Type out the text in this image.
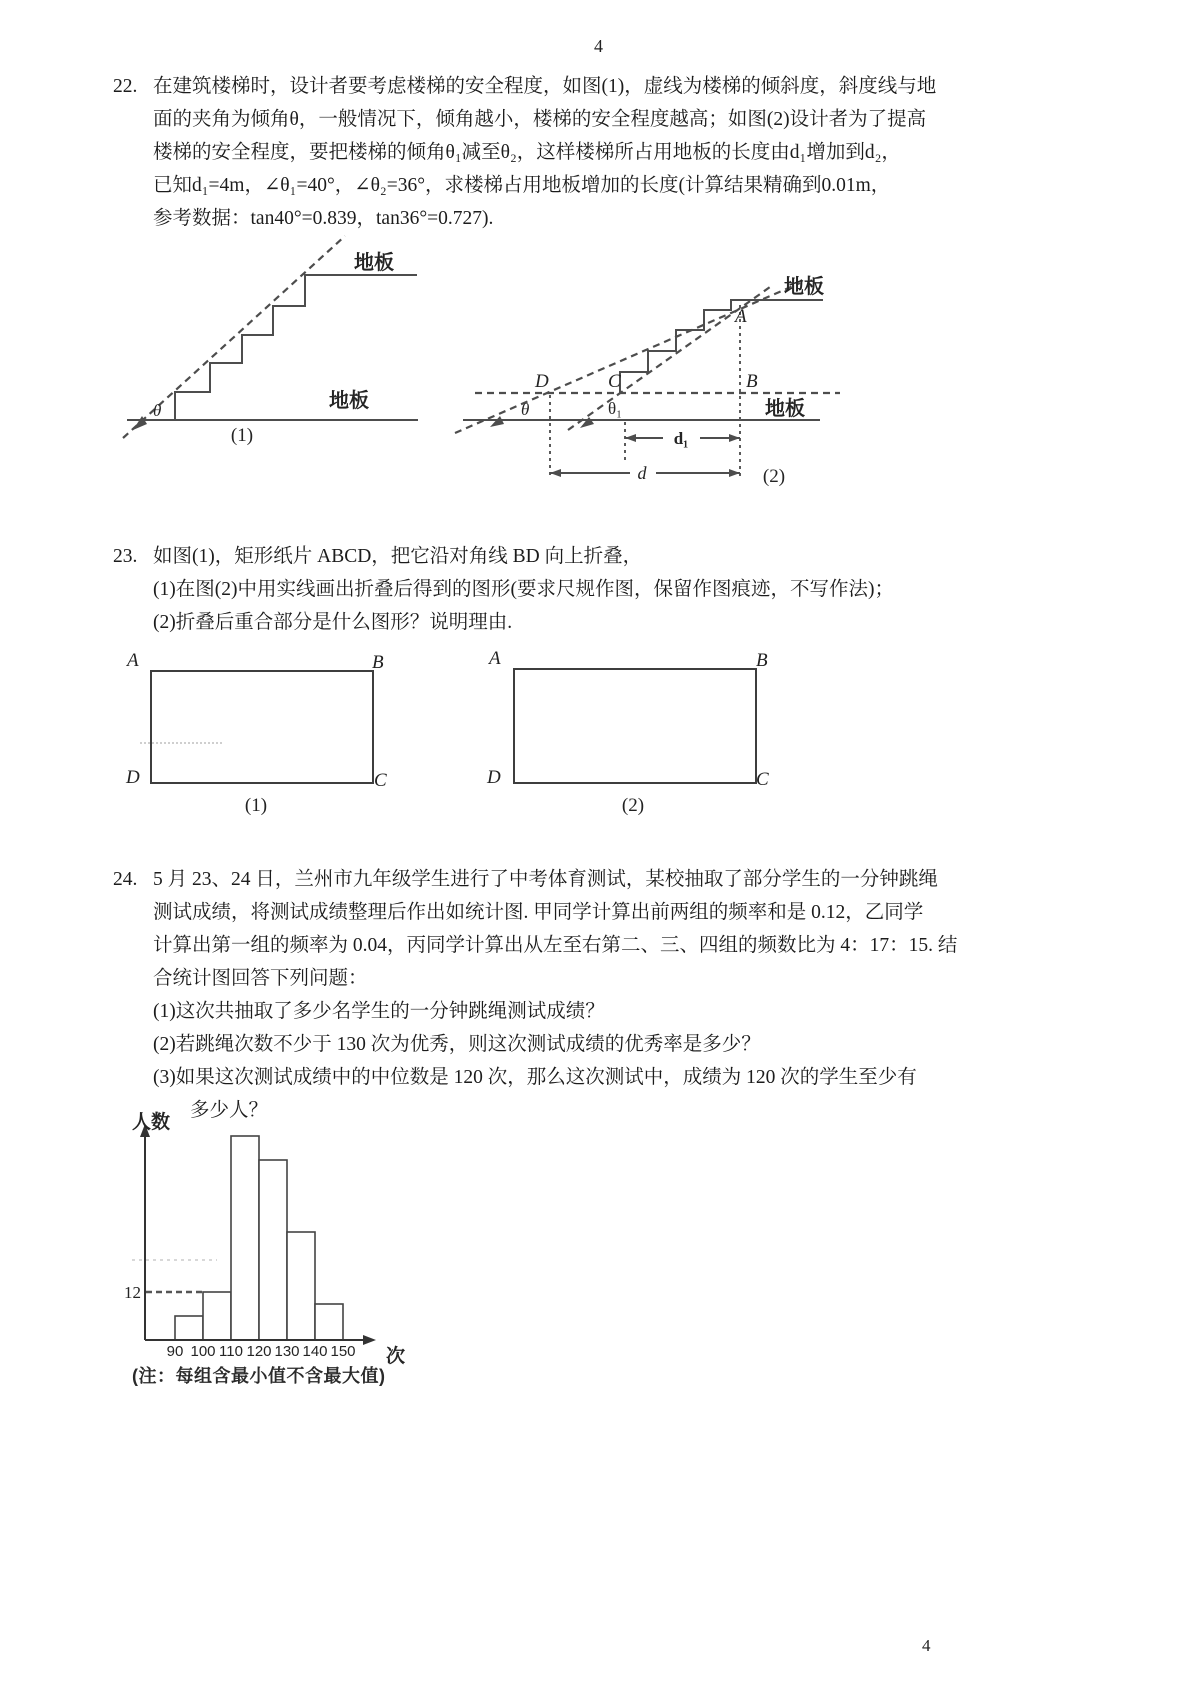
4
22. 在建筑楼梯时，设计者要考虑楼梯的安全程度，如图(1)，虚线为楼梯的倾斜度，斜度线与地
面的夹角为倾角θ，一般情况下，倾角越小，楼梯的安全程度越高；如图(2)设计者为了提高
楼梯的安全程度，要把楼梯的倾角θ₁减至θ₂，这样楼梯所占用地板的长度由d₁增加到d₂，
已知d₁=4m，∠θ₁=40°，∠θ₂=36°，求楼梯占用地板增加的长度(计算结果精确到0.01m，
参考数据：tan40°=0.839，tan36°=0.727).
θ
地板
地板
(1)	d₁
d
A
B
C
D
θ	θ₁
地板
地板
(2)
23. 如图(1)，矩形纸片 ABCD，把它沿对角线 BD 向上折叠，
(1)在图(2)中用实线画出折叠后得到的图形(要求尺规作图，保留作图痕迹，不写作法)；
(2)折叠后重合部分是什么图形？说明理由.
A	B
D	C
(1)
A	B
D	C
(2)
24. 5 月 23、24 日，兰州市九年级学生进行了中考体育测试，某校抽取了部分学生的一分钟跳绳
测试成绩，将测试成绩整理后作出如统计图. 甲同学计算出前两组的频率和是 0.12，乙同学
计算出第一组的频率为 0.04，丙同学计算出从左至右第二、三、四组的频数比为 4：17：15. 结
合统计图回答下列问题：
(1)这次共抽取了多少名学生的一分钟跳绳测试成绩？
(2)若跳绳次数不少于 130 次为优秀，则这次测试成绩的优秀率是多少？
(3)如果这次测试成绩中的中位数是 120 次，那么这次测试中，成绩为 120 次的学生至少有
多少人？
人数
次
12
90 100 110 120 130 140 150
(注：每组含最小值不含最大值)
4
